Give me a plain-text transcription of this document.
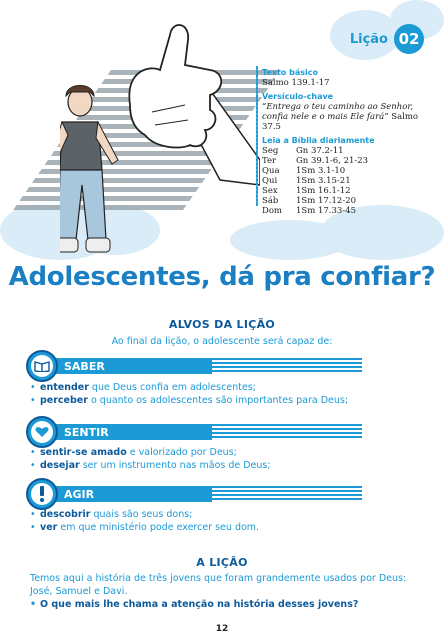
Lição 02
Texto básico
Salmo 139.1-17
Versículo-chave
“Entrega o teu caminho ao Senhor, confia nele e o mais Ele fará” Salmo 37.5
Leia a Bíblia diariamente
Seg	Gn 37.2-11
Ter	Gn 39.1-6, 21-23
Qua	1Sm 3.1-10
Qui	1Sm 3.15-21
Sex	1Sm 16.1-12
Sáb	1Sm 17.12-20
Dom	1Sm 17.33-45
Adolescentes, dá pra confiar?
ALVOS DA LIÇÃO
Ao final da lição, o adolescente será capaz de:
SABER
• entender que Deus confia em adolescentes;
• perceber o quanto os adolescentes são importantes para Deus;
SENTIR
• sentir-se amado e valorizado por Deus;
• desejar ser um instrumento nas mãos de Deus;
AGIR
• descobrir quais são seus dons;
• ver em que ministério pode exercer seu dom.
A LIÇÃO
Temos aqui a história de três jovens que foram grandemente usados por Deus: José, Samuel e Davi.
• O que mais lhe chama a atenção na história desses jovens?
12
